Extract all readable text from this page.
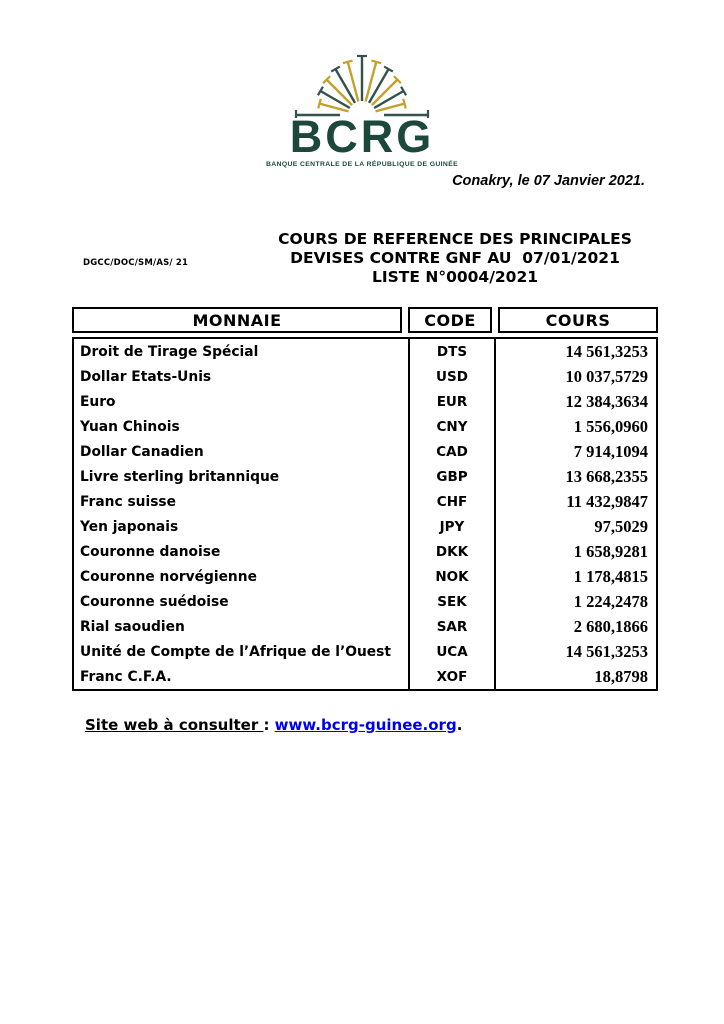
BCRG
BANQUE CENTRALE DE LA RÉPUBLIQUE DE GUINÉE
Conakry, le 07 Janvier 2021.
DGCC/DOC/SM/AS/ 21
COURS DE REFERENCE DES PRINCIPALES
DEVISES CONTRE GNF AU  07/01/2021
LISTE N°0004/2021
MONNAIE	CODE	COURS
Droit de Tirage Spécial	DTS	14 561,3253
Dollar Etats-Unis	USD	10 037,5729
Euro	EUR	12 384,3634
Yuan Chinois	CNY	1 556,0960
Dollar Canadien	CAD	7 914,1094
Livre sterling britannique	GBP	13 668,2355
Franc suisse	CHF	11 432,9847
Yen japonais	JPY	97,5029
Couronne danoise	DKK	1 658,9281
Couronne norvégienne	NOK	1 178,4815
Couronne suédoise	SEK	1 224,2478
Rial saoudien	SAR	2 680,1866
Unité de Compte de l’Afrique de l’Ouest	UCA	14 561,3253
Franc C.F.A.	XOF	18,8798
Site web à consulter : www.bcrg-guinee.org.
